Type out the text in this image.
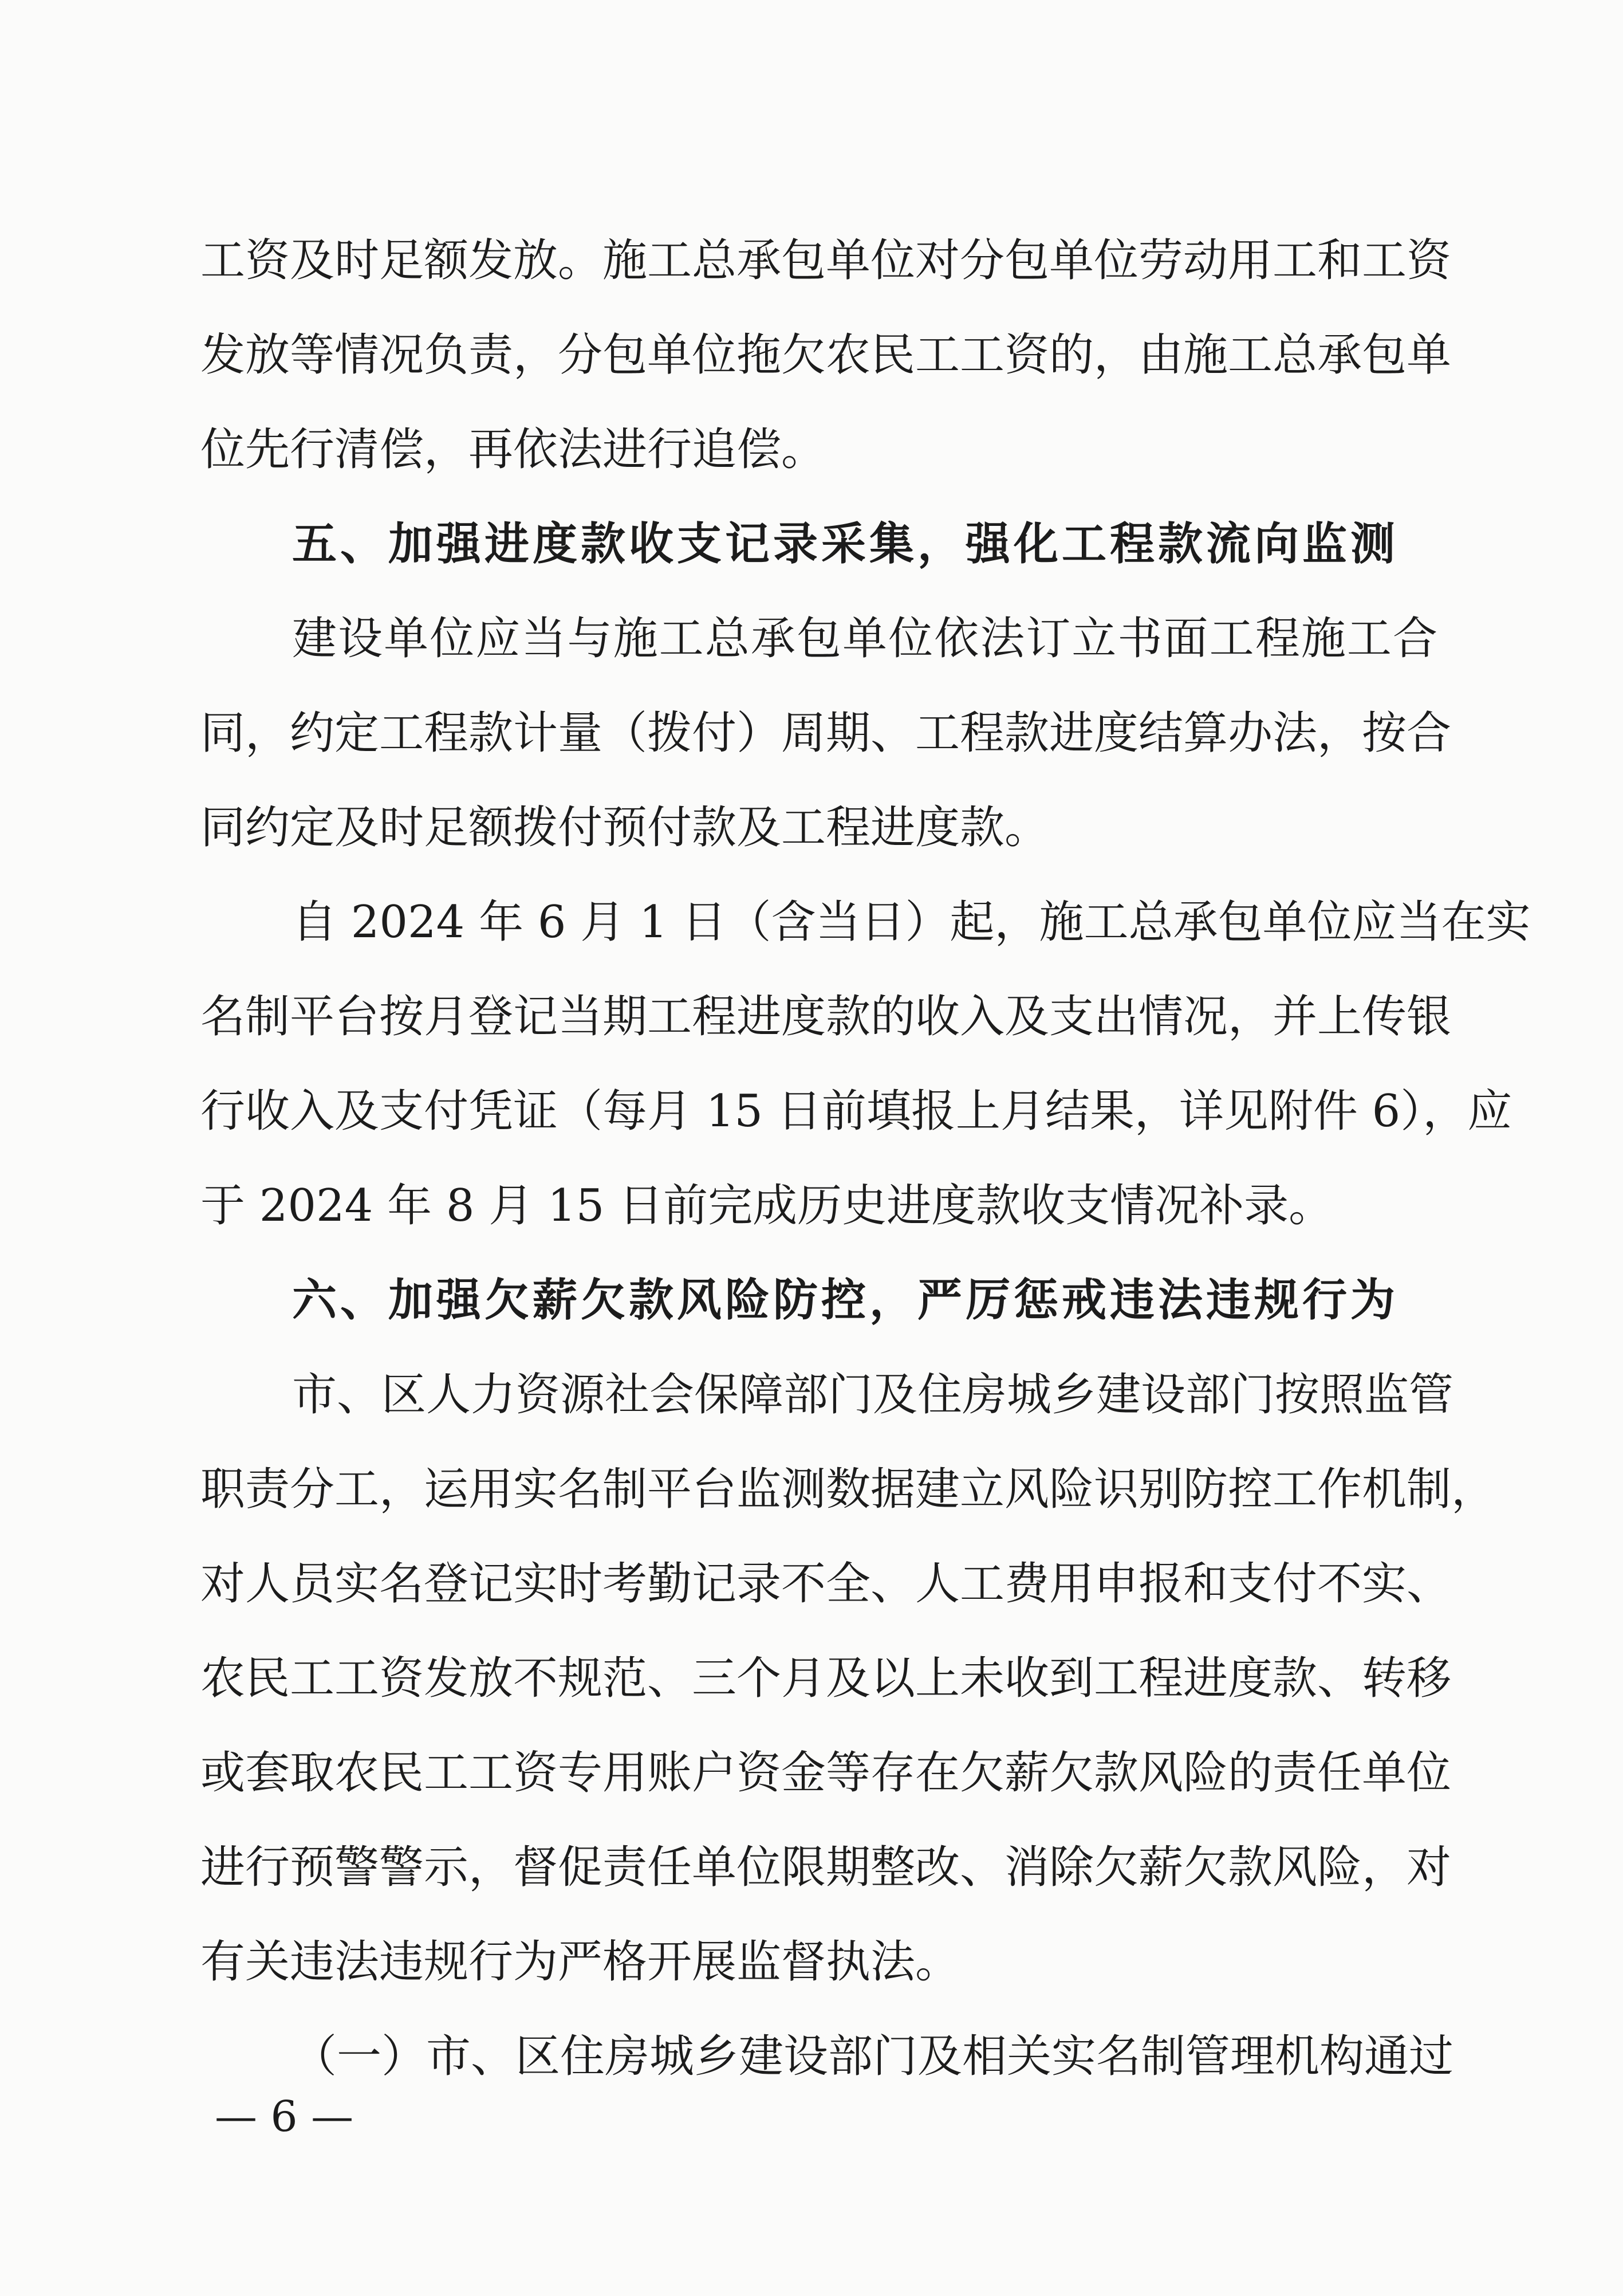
工资及时足额发放。施工总承包单位对分包单位劳动用工和工资
发放等情况负责，分包单位拖欠农民工工资的，由施工总承包单
位先行清偿，再依法进行追偿。
五、加强进度款收支记录采集，强化工程款流向监测
建设单位应当与施工总承包单位依法订立书面工程施工合
同，约定工程款计量（拨付）周期、工程款进度结算办法，按合
同约定及时足额拨付预付款及工程进度款。
自 2024 年 6 月 1 日（含当日）起，施工总承包单位应当在实
名制平台按月登记当期工程进度款的收入及支出情况，并上传银
行收入及支付凭证（每月 15 日前填报上月结果，详见附件 6），应
于 2024 年 8 月 15 日前完成历史进度款收支情况补录。
六、加强欠薪欠款风险防控，严厉惩戒违法违规行为
市、区人力资源社会保障部门及住房城乡建设部门按照监管
职责分工，运用实名制平台监测数据建立风险识别防控工作机制，
对人员实名登记实时考勤记录不全、人工费用申报和支付不实、
农民工工资发放不规范、三个月及以上未收到工程进度款、转移
或套取农民工工资专用账户资金等存在欠薪欠款风险的责任单位
进行预警警示，督促责任单位限期整改、消除欠薪欠款风险，对
有关违法违规行为严格开展监督执法。
（一）市、区住房城乡建设部门及相关实名制管理机构通过
— 6 —
